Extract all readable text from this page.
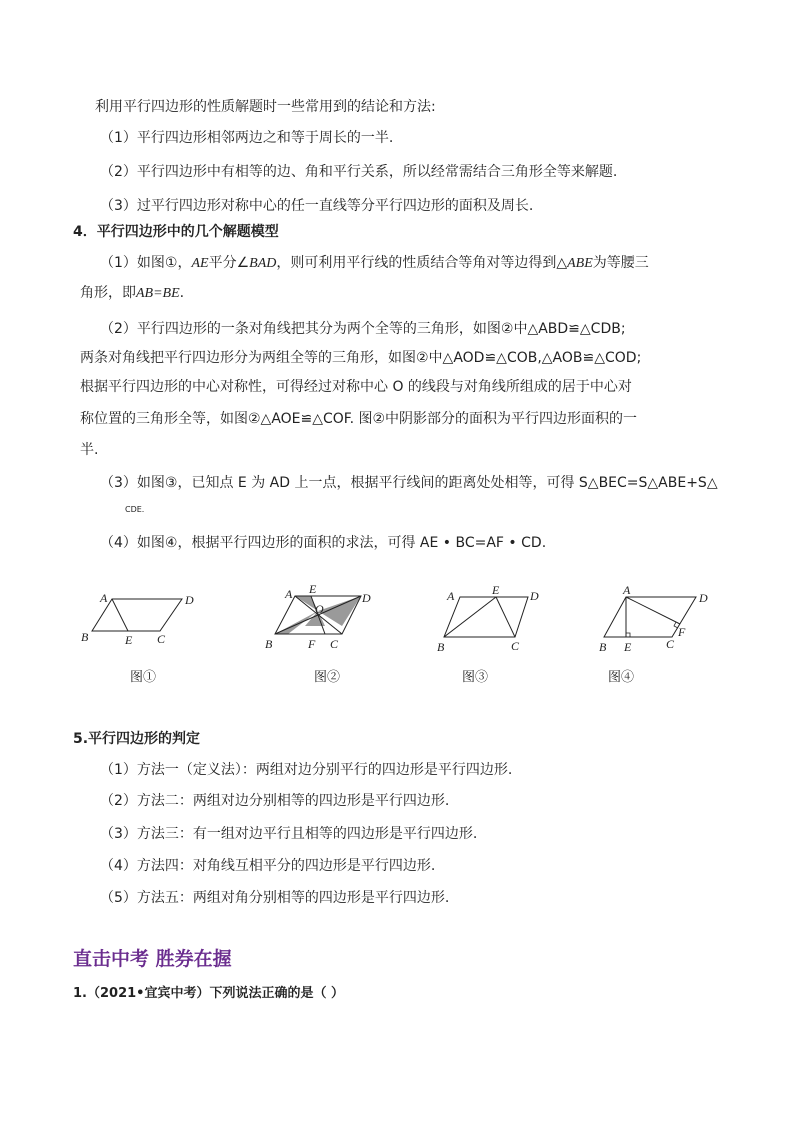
利用平行四边形的性质解题时一些常用到的结论和方法:
（1）平行四边形相邻两边之和等于周长的一半.
（2）平行四边形中有相等的边、角和平行关系，所以经常需结合三角形全等来解题.
（3）过平行四边形对称中心的任一直线等分平行四边形的面积及周长.
4．平行四边形中的几个解题模型
（1）如图①，AE平分∠BAD，则可利用平行线的性质结合等角对等边得到△ABE为等腰三
角形，即AB=BE.
（2）平行四边形的一条对角线把其分为两个全等的三角形，如图②中△ABD≌△CDB;
两条对角线把平行四边形分为两组全等的三角形，如图②中△AOD≌△COB,△AOB≌△COD;
根据平行四边形的中心对称性，可得经过对称中心 O 的线段与对角线所组成的居于中心对
称位置的三角形全等，如图②△AOE≌△COF. 图②中阴影部分的面积为平行四边形面积的一
半.
（3）如图③，已知点 E 为 AD 上一点，根据平行线间的距离处处相等，可得 S△BEC=S△ABE+S△
CDE.
（4）如图④，根据平行四边形的面积的求法，可得 AE • BC=AF • CD.
A	D
B	E C
图①
A E
O
D
B	F C
图②
A	E	D
B	C
图③
A
D
F
B E	C
图④
5.平行四边形的判定
（1）方法一（定义法）：两组对边分别平行的四边形是平行四边形.
（2）方法二：两组对边分别相等的四边形是平行四边形.
（3）方法三：有一组对边平行且相等的四边形是平行四边形.
（4）方法四：对角线互相平分的四边形是平行四边形.
（5）方法五：两组对角分别相等的四边形是平行四边形.
直击中考 胜券在握
1.（2021•宜宾中考）下列说法正确的是（ ）
